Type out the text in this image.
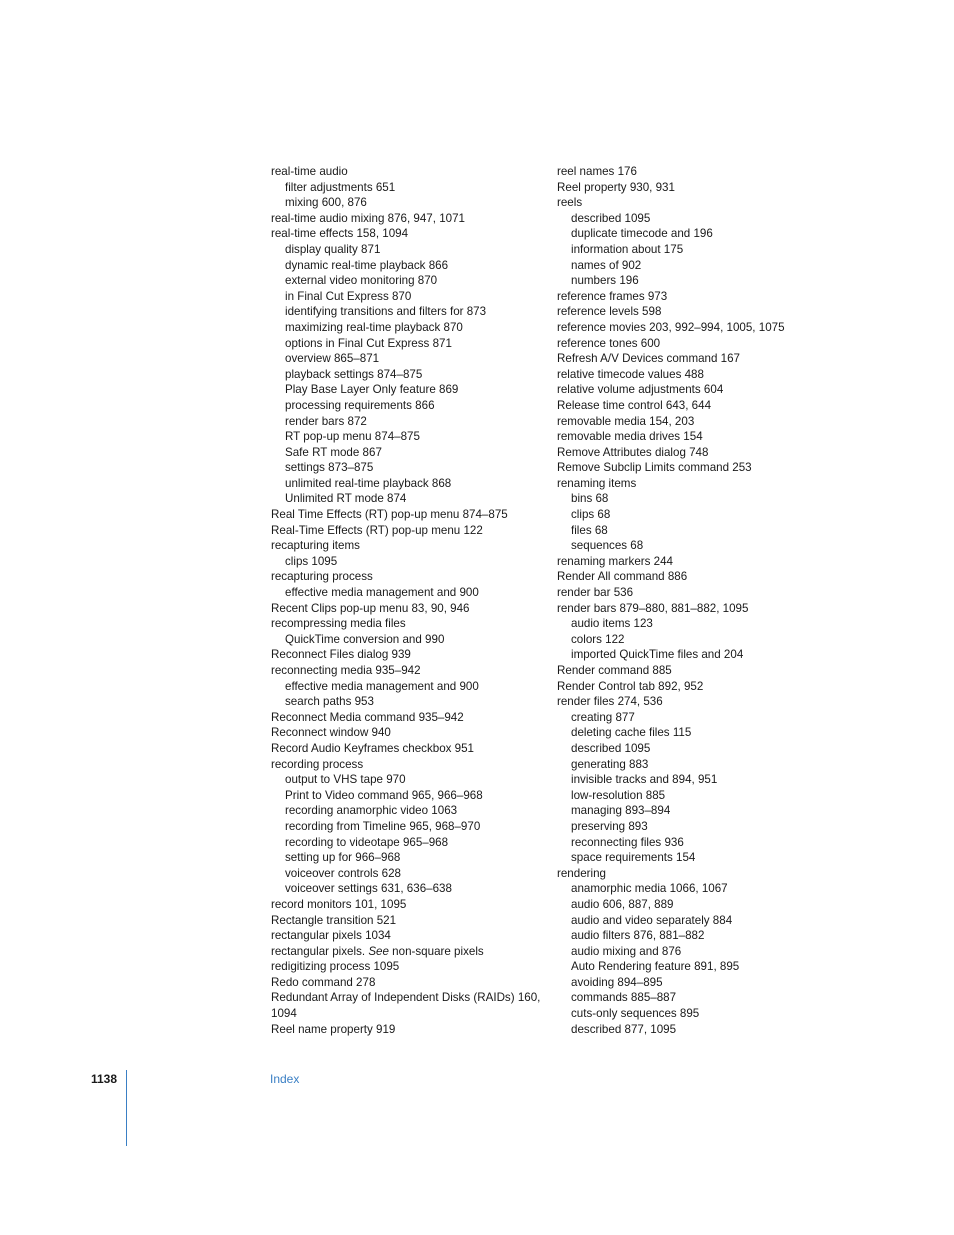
real-time audio
filter adjustments 651
mixing 600, 876
real-time audio mixing 876, 947, 1071
real-time effects 158, 1094
display quality 871
dynamic real-time playback 866
external video monitoring 870
in Final Cut Express 870
identifying transitions and filters for 873
maximizing real-time playback 870
options in Final Cut Express 871
overview 865–871
playback settings 874–875
Play Base Layer Only feature 869
processing requirements 866
render bars 872
RT pop-up menu 874–875
Safe RT mode 867
settings 873–875
unlimited real-time playback 868
Unlimited RT mode 874
Real Time Effects (RT) pop-up menu 874–875
Real-Time Effects (RT) pop-up menu 122
recapturing items
clips 1095
recapturing process
effective media management and 900
Recent Clips pop-up menu 83, 90, 946
recompressing media files
QuickTime conversion and 990
Reconnect Files dialog 939
reconnecting media 935–942
effective media management and 900
search paths 953
Reconnect Media command 935–942
Reconnect window 940
Record Audio Keyframes checkbox 951
recording process
output to VHS tape 970
Print to Video command 965, 966–968
recording anamorphic video 1063
recording from Timeline 965, 968–970
recording to videotape 965–968
setting up for 966–968
voiceover controls 628
voiceover settings 631, 636–638
record monitors 101, 1095
Rectangle transition 521
rectangular pixels 1034
rectangular pixels. See non-square pixels
redigitizing process 1095
Redo command 278
Redundant Array of Independent Disks (RAIDs) 160,
1094
Reel name property 919
reel names 176
Reel property 930, 931
reels
described 1095
duplicate timecode and 196
information about 175
names of 902
numbers 196
reference frames 973
reference levels 598
reference movies 203, 992–994, 1005, 1075
reference tones 600
Refresh A/V Devices command 167
relative timecode values 488
relative volume adjustments 604
Release time control 643, 644
removable media 154, 203
removable media drives 154
Remove Attributes dialog 748
Remove Subclip Limits command 253
renaming items
bins 68
clips 68
files 68
sequences 68
renaming markers 244
Render All command 886
render bar 536
render bars 879–880, 881–882, 1095
audio items 123
colors 122
imported QuickTime files and 204
Render command 885
Render Control tab 892, 952
render files 274, 536
creating 877
deleting cache files 115
described 1095
generating 883
invisible tracks and 894, 951
low-resolution 885
managing 893–894
preserving 893
reconnecting files 936
space requirements 154
rendering
anamorphic media 1066, 1067
audio 606, 887, 889
audio and video separately 884
audio filters 876, 881–882
audio mixing and 876
Auto Rendering feature 891, 895
avoiding 894–895
commands 885–887
cuts-only sequences 895
described 877, 1095
1138	Index
